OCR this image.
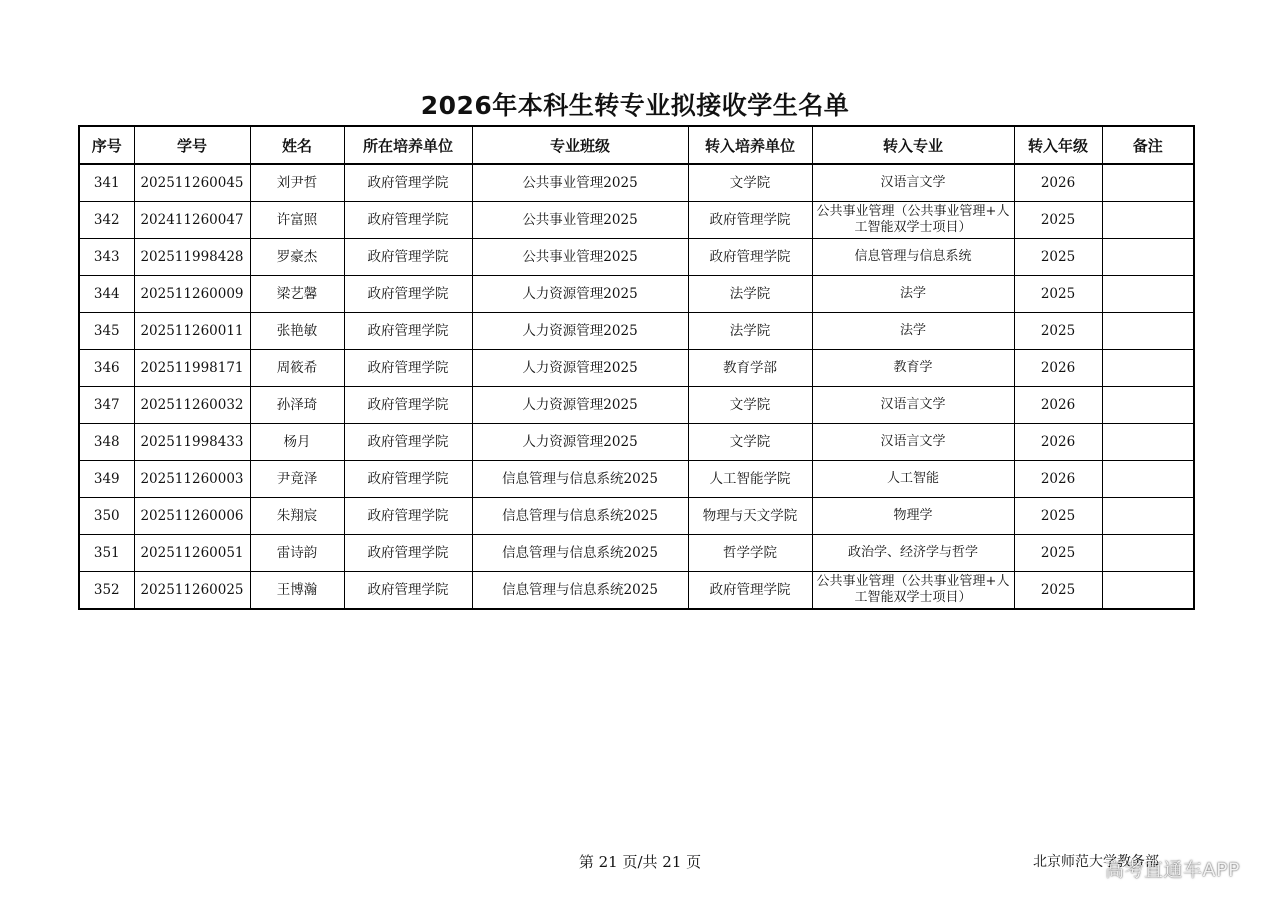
2026年本科生转专业拟接收学生名单
序号	学号	姓名	所在培养单位	专业班级	转入培养单位	转入专业	转入年级	备注
341	202511260045	刘尹哲	政府管理学院	公共事业管理2025	文学院	汉语言文学	2026	
342	202411260047	许富照	政府管理学院	公共事业管理2025	政府管理学院	公共事业管理（公共事业管理+人工智能双学士项目）	2025	
343	202511998428	罗豪杰	政府管理学院	公共事业管理2025	政府管理学院	信息管理与信息系统	2025	
344	202511260009	梁艺馨	政府管理学院	人力资源管理2025	法学院	法学	2025	
345	202511260011	张艳敏	政府管理学院	人力资源管理2025	法学院	法学	2025	
346	202511998171	周筱希	政府管理学院	人力资源管理2025	教育学部	教育学	2026	
347	202511260032	孙泽琦	政府管理学院	人力资源管理2025	文学院	汉语言文学	2026	
348	202511998433	杨月	政府管理学院	人力资源管理2025	文学院	汉语言文学	2026	
349	202511260003	尹竟泽	政府管理学院	信息管理与信息系统2025	人工智能学院	人工智能	2026	
350	202511260006	朱翔宸	政府管理学院	信息管理与信息系统2025	物理与天文学院	物理学	2025	
351	202511260051	雷诗韵	政府管理学院	信息管理与信息系统2025	哲学学院	政治学、经济学与哲学	2025	
352	202511260025	王博瀚	政府管理学院	信息管理与信息系统2025	政府管理学院	公共事业管理（公共事业管理+人工智能双学士项目）	2025	
第 21 页/共 21 页	北京师范大学教务部
高考直通车APP
